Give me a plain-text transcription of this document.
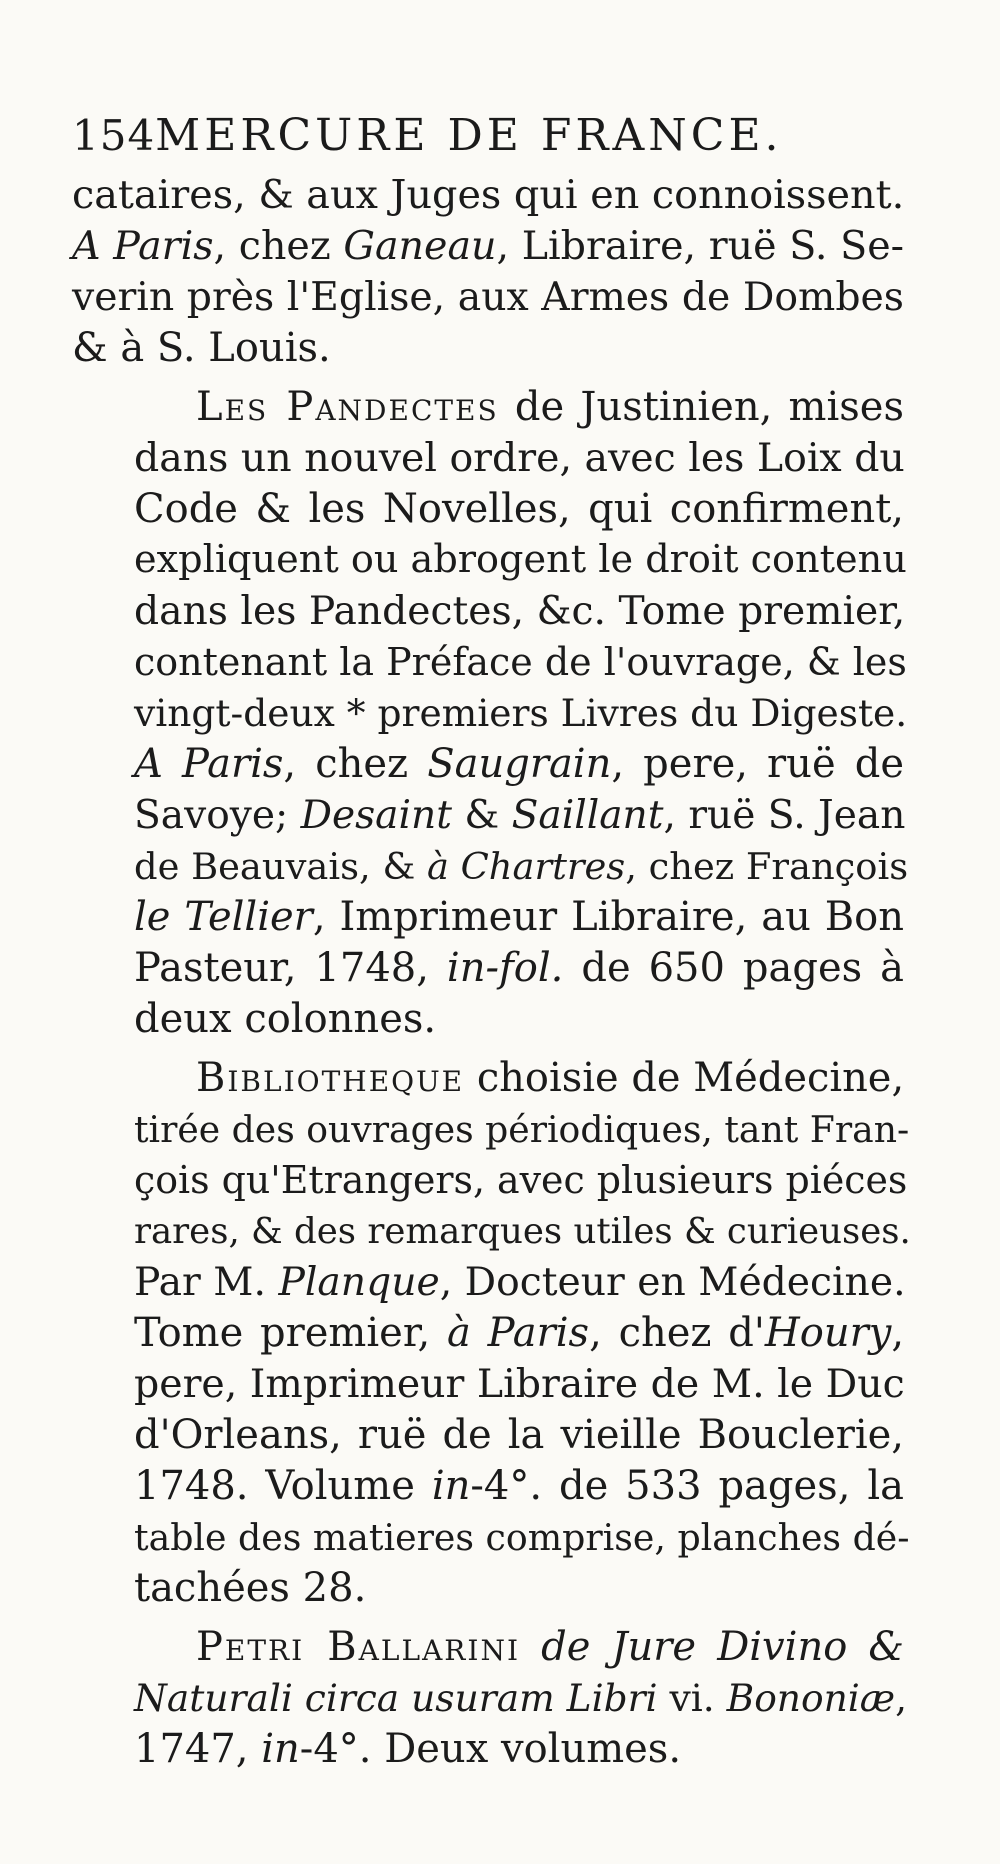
154MERCURE DE FRANCE.
cataires, & aux Juges qui en connoissent.
A Paris, chez Ganeau, Libraire, ruë S. Se-
verin près l'Eglise, aux Armes de Dombes
& à S. Louis.
Les Pandectes de Justinien, mises
dans un nouvel ordre, avec les Loix du
Code & les Novelles, qui confirment,
expliquent ou abrogent le droit contenu
dans les Pandectes, &c. Tome premier,
contenant la Préface de l'ouvrage, & les
vingt-deux * premiers Livres du Digeste.
A Paris, chez Saugrain, pere, ruë de
Savoye; Desaint & Saillant, ruë S. Jean
de Beauvais, & à Chartres, chez François
le Tellier, Imprimeur Libraire, au Bon
Pasteur, 1748, in-fol. de 650 pages à
deux colonnes.
Bibliotheque choisie de Médecine,
tirée des ouvrages périodiques, tant Fran-
çois qu'Etrangers, avec plusieurs piéces
rares, & des remarques utiles & curieuses.
Par M. Planque, Docteur en Médecine.
Tome premier, à Paris, chez d'Houry,
pere, Imprimeur Libraire de M. le Duc
d'Orleans, ruë de la vieille Bouclerie,
1748. Volume in-4°. de 533 pages, la
table des matieres comprise, planches dé-
tachées 28.
Petri Ballarini de Jure Divino &
Naturali circa usuram Libri vi. Bononiæ,
1747, in-4°. Deux volumes.
